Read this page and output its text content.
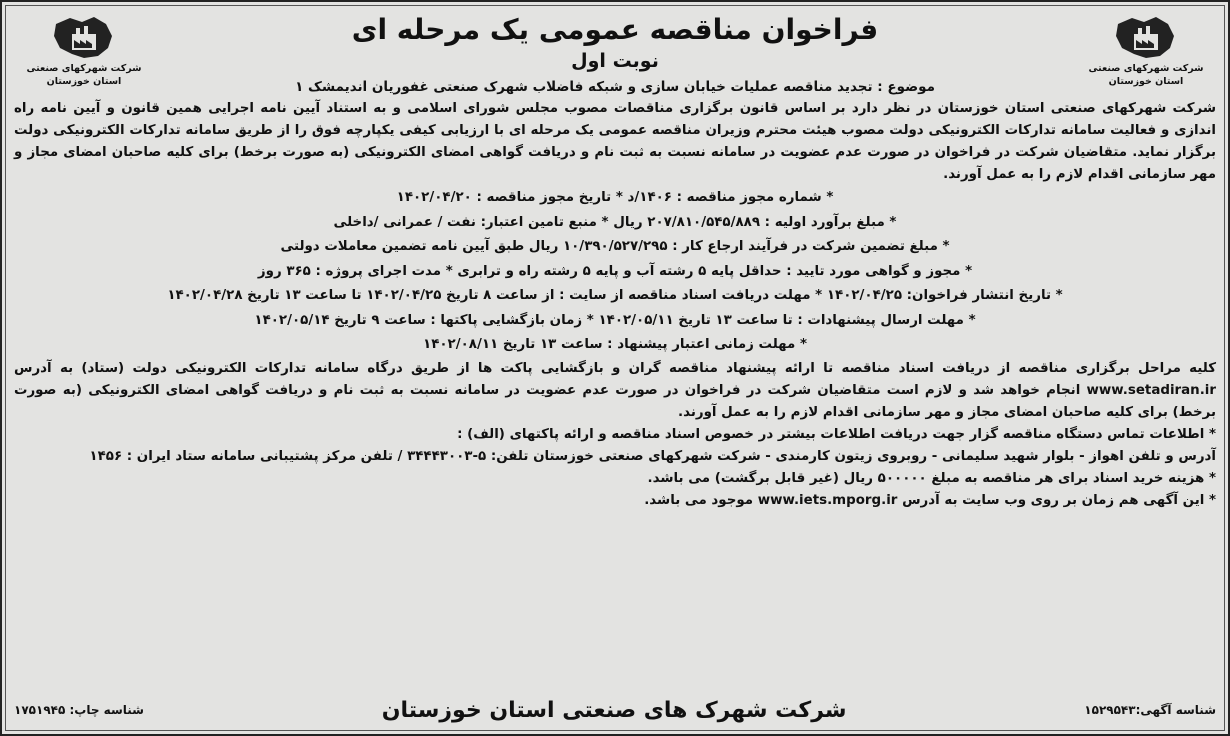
شرکت شهرکهای صنعتی
استان خوزستان
شرکت شهرکهای صنعتی
استان خوزستان
فراخوان مناقصه عمومی یک مرحله ای
نوبت اول
موضوع : تجدید مناقصه عملیات خیابان سازی و شبکه فاضلاب شهرک صنعتی غفوریان اندیمشک ۱

شرکت شهرکهای صنعتی استان خوزستان در نظر دارد بر اساس قانون برگزاری مناقصات مصوب مجلس شورای اسلامی و به استناد آیین نامه اجرایی همین قانون و آیین نامه راه اندازی و فعالیت سامانه تدارکات الکترونیکی دولت مصوب هیئت محترم وزیران مناقصه عمومی یک مرحله ای با ارزیابی کیفی یکپارچه فوق را از طریق سامانه تدارکات الکترونیکی دولت برگزار نماید. متقاضیان شرکت در فراخوان در صورت عدم عضویت در سامانه نسبت به ثبت نام و دریافت گواهی امضای الکترونیکی (به صورت برخط) برای کلیه صاحبان امضای مجاز و مهر سازمانی اقدام لازم را به عمل آورند.

* شماره مجوز مناقصه : ۱۴۰۶/د * تاریخ مجوز مناقصه : ۱۴۰۲/۰۴/۲۰
* مبلغ برآورد اولیه : ۲۰۷/۸۱۰/۵۴۵/۸۸۹ ریال * منبع تامین اعتبار: نفت / عمرانی /داخلی
* مبلغ تضمین شرکت در فرآیند ارجاع کار : ۱۰/۳۹۰/۵۲۷/۲۹۵ ریال طبق آیین نامه تضمین معاملات دولتی
* مجوز و گواهی مورد تایید : حداقل پایه ۵ رشته آب و پایه ۵ رشته راه و ترابری * مدت اجرای پروژه : ۳۶۵ روز
* تاریخ انتشار فراخوان: ۱۴۰۲/۰۴/۲۵ * مهلت دریافت اسناد مناقصه از سایت : از ساعت ۸ تاریخ ۱۴۰۲/۰۴/۲۵ تا ساعت ۱۳ تاریخ ۱۴۰۲/۰۴/۲۸
* مهلت ارسال پیشنهادات : تا ساعت ۱۳ تاریخ ۱۴۰۲/۰۵/۱۱ * زمان بازگشایی پاکتها : ساعت ۹ تاریخ ۱۴۰۲/۰۵/۱۴
* مهلت زمانی اعتبار پیشنهاد : ساعت ۱۳ تاریخ ۱۴۰۲/۰۸/۱۱

کلیه مراحل برگزاری مناقصه از دریافت اسناد مناقصه تا ارائه پیشنهاد مناقصه گران و بازگشایی پاکت ها از طریق درگاه سامانه تدارکات الکترونیکی دولت (ستاد) به آدرس www.setadiran.ir انجام خواهد شد و لازم است متقاضیان شرکت در فراخوان در صورت عدم عضویت در سامانه نسبت به ثبت نام و دریافت گواهی امضای الکترونیکی (به صورت برخط) برای کلیه صاحبان امضای مجاز و مهر سازمانی اقدام لازم را به عمل آورند.

* اطلاعات تماس دستگاه مناقصه گزار جهت دریافت اطلاعات بیشتر در خصوص اسناد مناقصه و ارائه پاکتهای (الف) :

آدرس و تلفن اهواز - بلوار شهید سلیمانی - روبروی زیتون کارمندی - شرکت شهرکهای صنعتی خوزستان تلفن: ۵-۳۴۴۴۳۰۰۳ / تلفن مرکز پشتیبانی سامانه ستاد ایران : ۱۴۵۶

* هزینه خرید اسناد برای هر مناقصه به مبلغ ۵۰۰۰۰۰ ریال (غیر قابل برگشت) می باشد.

* این آگهی هم زمان بر روی وب سایت به آدرس www.iets.mporg.ir موجود می باشد.

شناسه آگهی:۱۵۲۹۵۴۳
شرکت شهرک های صنعتی استان خوزستان
شناسه چاپ: ۱۷۵۱۹۴۵
